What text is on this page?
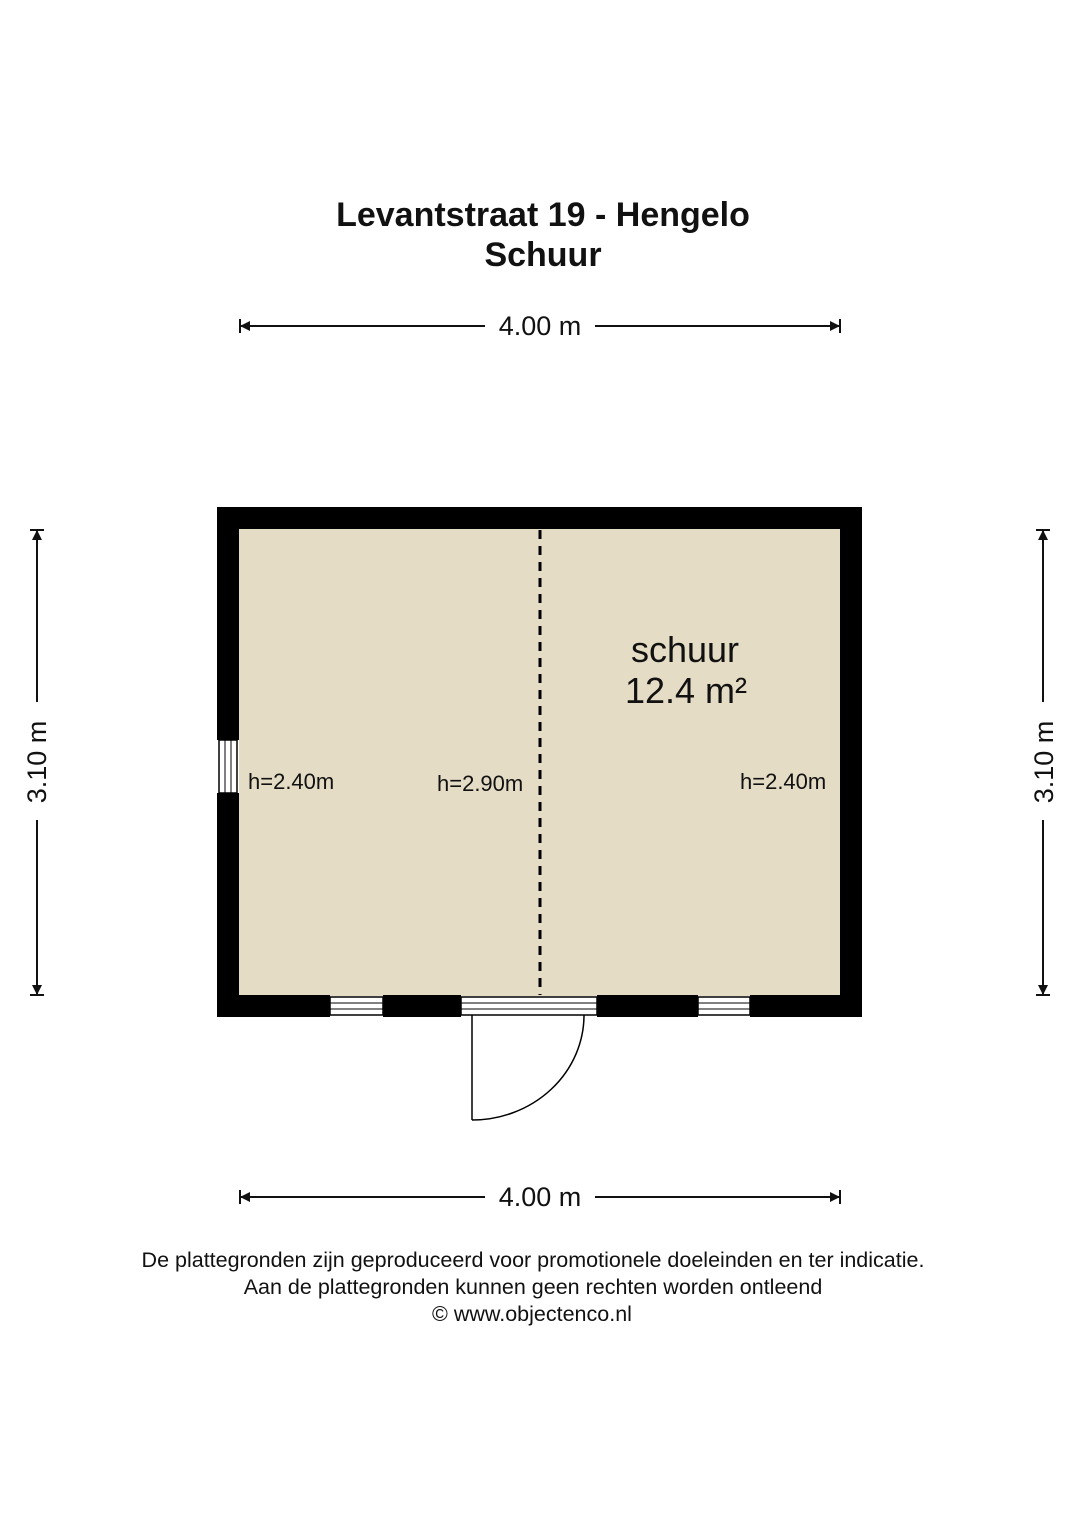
Levantstraat 19 - Hengelo
Schuur
4.00 m
3.10 m	3.10 m
schuur
12.4 m²
h=2.40m	h=2.90m	h=2.40m
4.00 m
De plattegronden zijn geproduceerd voor promotionele doeleinden en ter indicatie.
Aan de plattegronden kunnen geen rechten worden ontleend
© www.objectenco.nl
